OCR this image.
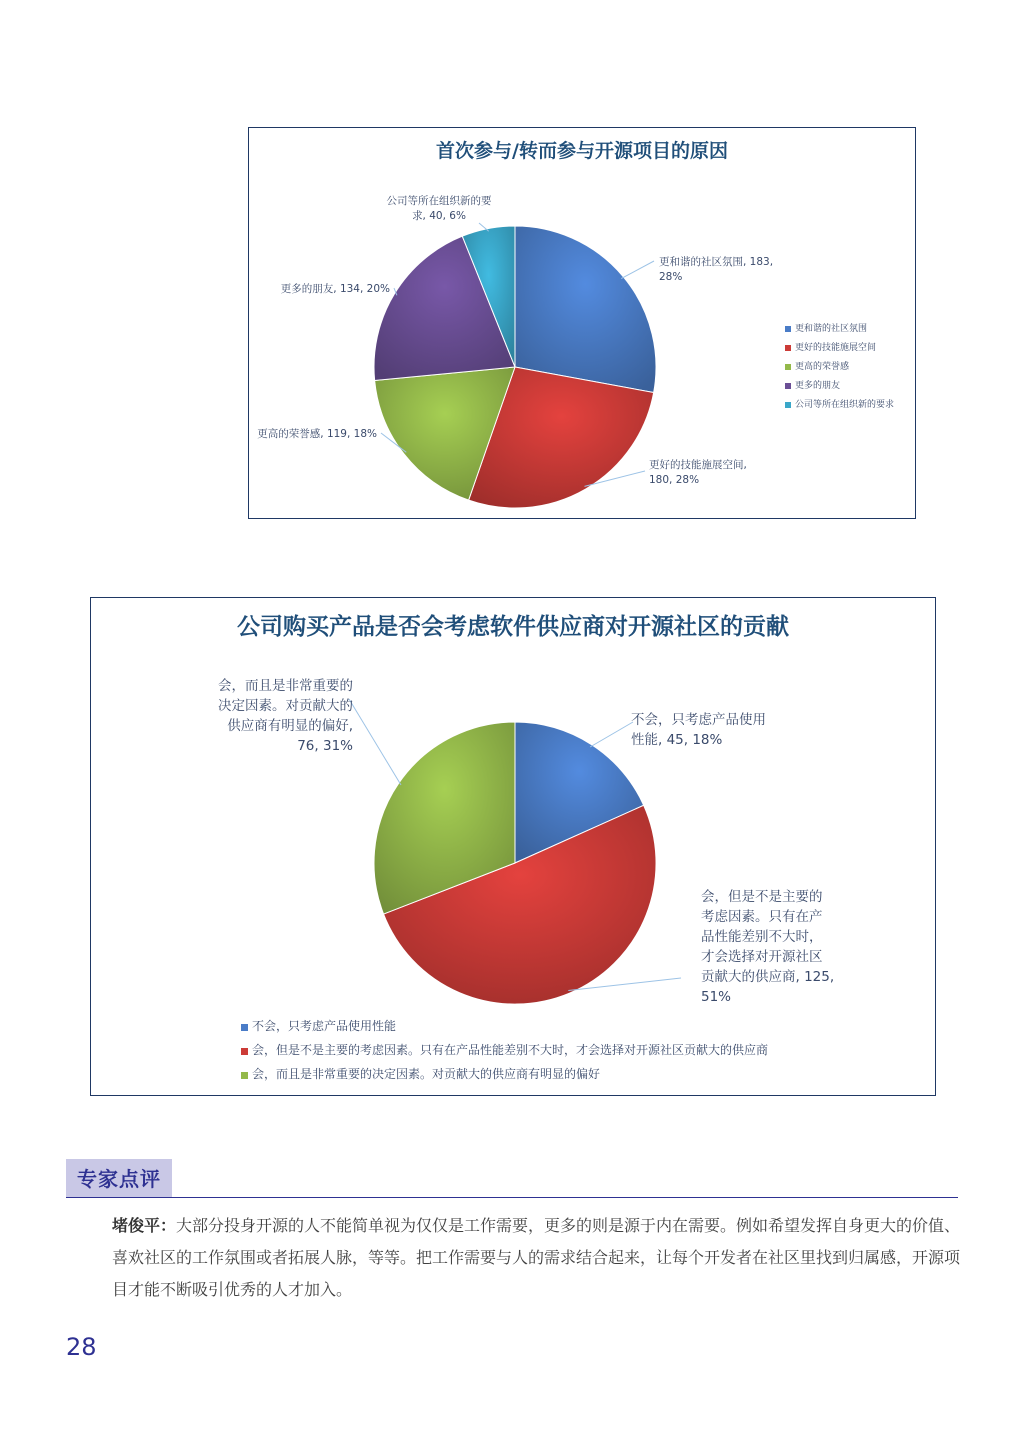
首次参与/转而参与开源项目的原因
更和谐的社区氛围, 183, 28%
更好的技能施展空间, 180, 28%
更高的荣誉感, 119, 18%
更多的朋友, 134, 20%
公司等所在组织新的要求, 40, 6%
更和谐的社区氛围
更好的技能施展空间
更高的荣誉感
更多的朋友
公司等所在组织新的要求
公司购买产品是否会考虑软件供应商对开源社区的贡献
不会，只考虑产品使用性能, 45, 18%
会，但是不是主要的考虑因素。只有在产品性能差别不大时，才会选择对开源社区贡献大的供应商, 125, 51%
会，而且是非常重要的决定因素。对贡献大的供应商有明显的偏好, 76, 31%
不会，只考虑产品使用性能
会，但是不是主要的考虑因素。只有在产品性能差别不大时，才会选择对开源社区贡献大的供应商
会，而且是非常重要的决定因素。对贡献大的供应商有明显的偏好
专家点评
堵俊平：大部分投身开源的人不能简单视为仅仅是工作需要，更多的则是源于内在需要。例如希望发挥自身更大的价值、喜欢社区的工作氛围或者拓展人脉，等等。把工作需要与人的需求结合起来，让每个开发者在社区里找到归属感，开源项目才能不断吸引优秀的人才加入。
28
